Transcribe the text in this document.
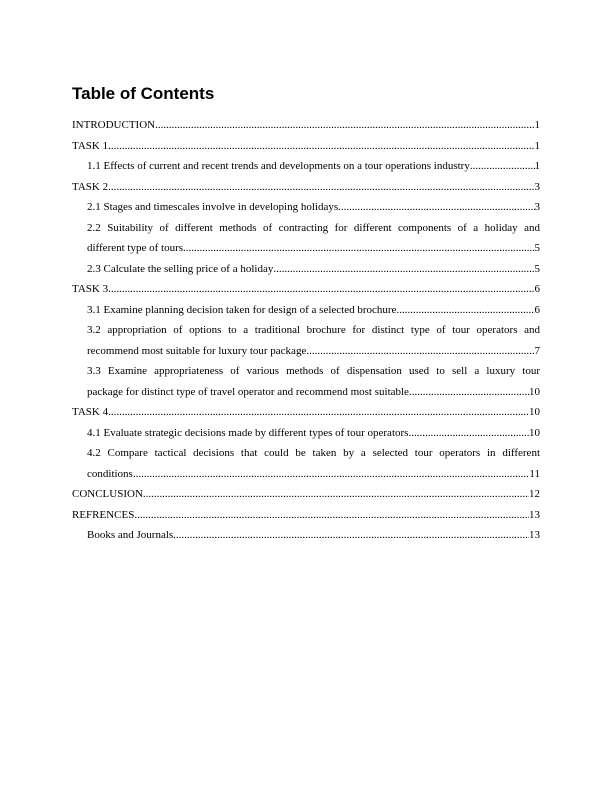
Table of Contents
INTRODUCTION .....	1
TASK 1 .....	1
1.1 Effects of current and recent trends and developments on a tour operations industry .....	1
TASK 2 .....	3
2.1 Stages and timescales involve in developing holidays .....	3
2.2 Suitability of different methods of contracting for different components of a holiday and
different type of tours .....	5
2.3 Calculate the selling price of a holiday .....	5
TASK 3 .....	6
3.1 Examine planning decision taken for design of a selected brochure .....	6
3.2 appropriation of options to a traditional brochure for distinct type of tour operators and
recommend most suitable for luxury tour package .....	7
3.3 Examine appropriateness of various methods of dispensation used to sell a luxury tour
package for distinct type of travel operator and recommend most suitable .....	10
TASK 4 .....	10
4.1 Evaluate strategic decisions made by different types of tour operators .....	10
4.2 Compare tactical decisions that could be taken by a selected tour operators in different
conditions .....	11
CONCLUSION .....	12
REFRENCES .....	13
Books and Journals .....	13
